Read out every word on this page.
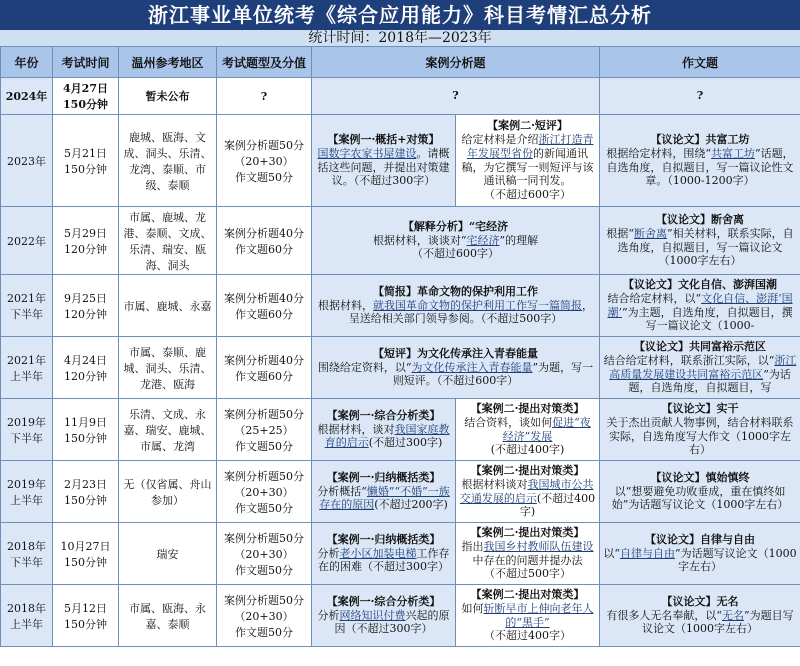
浙江事业单位统考《综合应用能力》科目考情汇总分析
统计时间：2018年—2023年
年份	考试时间	温州参考地区	考试题型及分值	案例分析题		作文题
2024年	4月27日
150分钟	暂未公布	?	?		?

2023年	5月21日
150分钟	鹿城、瓯海、文成、洞头、乐清、龙湾、泰顺、市级、泰顺	案例分析题50分
（20+30）
作文题50分	【案例一·概括+对策】
国数字农家书屋建设。请概括这些问题，并提出对策建议。（不超过300字）	【案例二·短评】
给定材料是介绍浙江打造青年发展型省份的新闻通讯稿，为它撰写一则短评与该通讯稿一同刊发。
（不超过600字）	【议论文】共富工坊
根据给定材料，围绕“共富工坊”话题，自选角度，自拟题目，写一篇议论性文章。（1000-1200字）

2022年	5月29日
120分钟	市属、鹿城、龙港、泰顺、文成、乐清、瑞安、瓯海、洞头	案例分析题40分
作文题60分	【解释分析】“宅经济
根据材料，谈谈对“宅经济”的理解
（不超过600字）		【议论文】断舍离
根据“断舍离”相关材料，联系实际，自选角度，自拟题目，写一篇议论文（1000字左右）

2021年
下半年	9月25日
120分钟	市属、鹿城、永嘉	案例分析题40分
作文题60分	【简报】革命文物的保护利用工作
根据材料，就我国革命文物的保护利用工作写一篇简报，呈送给相关部门领导参阅。（不超过500字）		【议论文】文化自信、澎湃国潮
结合给定材料，以“文化自信、澎湃‘国潮’”为主题，自选角度，自拟题目，撰写一篇议论文（1000-

2021年
上半年	4月24日
120分钟	市属、泰顺、鹿城、洞头、乐清、龙港、瓯海	案例分析题40分
作文题60分	【短评】为文化传承注入青春能量
围绕给定资料，以“为文化传承注入青春能量”为题，写一则短评。（不超过600字）		【议论文】共同富裕示范区
结合给定材料，联系浙江实际，以“浙江高质量发展建设共同富裕示范区”为话题，自选角度，自拟题目，写

2019年
下半年	11月9日
150分钟	乐清、文成、永嘉、瑞安、鹿城、市属、龙湾	案例分析题50分
（25+25）
作文题50分	【案例一·综合分析类】
根据材料，谈对我国家庭教育的启示(不超过300字)	【案例二·提出对策类】
结合资料，谈如何促进“夜经济”发展
(不超过400字)	【议论文】实干
关于杰出贡献人物事例，结合材料联系实际，自选角度写大作文（1000字左右）

2019年
上半年	2月23日
150分钟	无（仅省属、舟山参加）	案例分析题50分
（20+30）
作文题50分	【案例一·归纳概括类】
分析概括“懒婚”“不婚”一族存在的原因(不超过200字)	【案例二·提出对策类】
根据材料谈对我国城市公共交通发展的启示(不超过400字)	【议论文】慎始慎终
以“想要避免功败垂成，重在慎终如始”为话题写议论文（1000字左右）

2018年
下半年	10月27日
150分钟	瑞安	案例分析题50分
（20+30）
作文题50分	【案例一·归纳概括类】
分析老小区加装电梯工作存在的困难（不超过300字）	【案例二·提出对策类】
指出我国乡村教师队伍建设中存在的问题并提办法
（不超过500字）	【议论文】自律与自由
以“自律与自由”为话题写议论文（1000字左右）

2018年
上半年	5月12日
150分钟	市属、瓯海、永嘉、泰顺	案例分析题50分
（20+30）
作文题50分	【案例一·综合分析类】
分析网络知识付费兴起的原因（不超过300字）	【案例二·提出对策类】
如何斩断早市上伸向老年人的“黑手”
（不超过400字）	【议论文】无名
有很多人无名奉献，以“无名”为题目写议论文（1000字左右）
